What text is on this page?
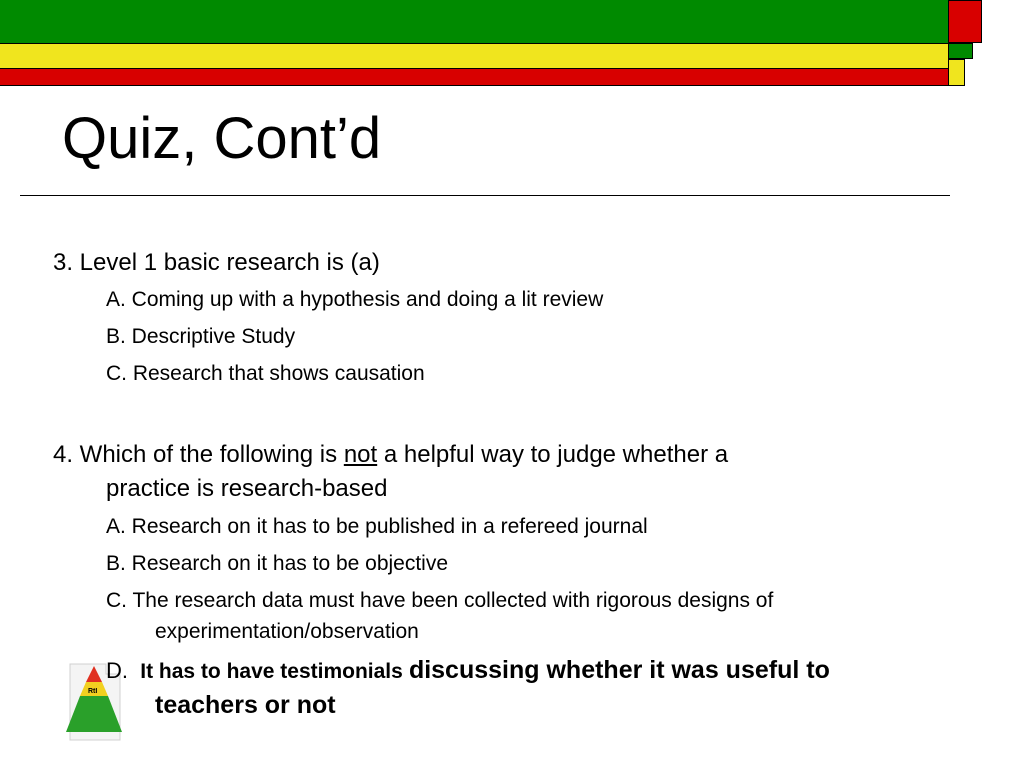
Quiz, Cont’d

3. Level 1 basic research is (a)

A. Coming up with a hypothesis and doing a lit review

B. Descriptive Study

C. Research that shows causation

4. Which of the following is not a helpful way to judge whether a

practice is research-based

A. Research on it has to be published in a refereed journal

B. Research on it has to be objective

C. The research data must have been collected with rigorous designs of

experimentation/observation

RtI

D. It has to have testimonials discussing whether it was useful to

teachers or not
